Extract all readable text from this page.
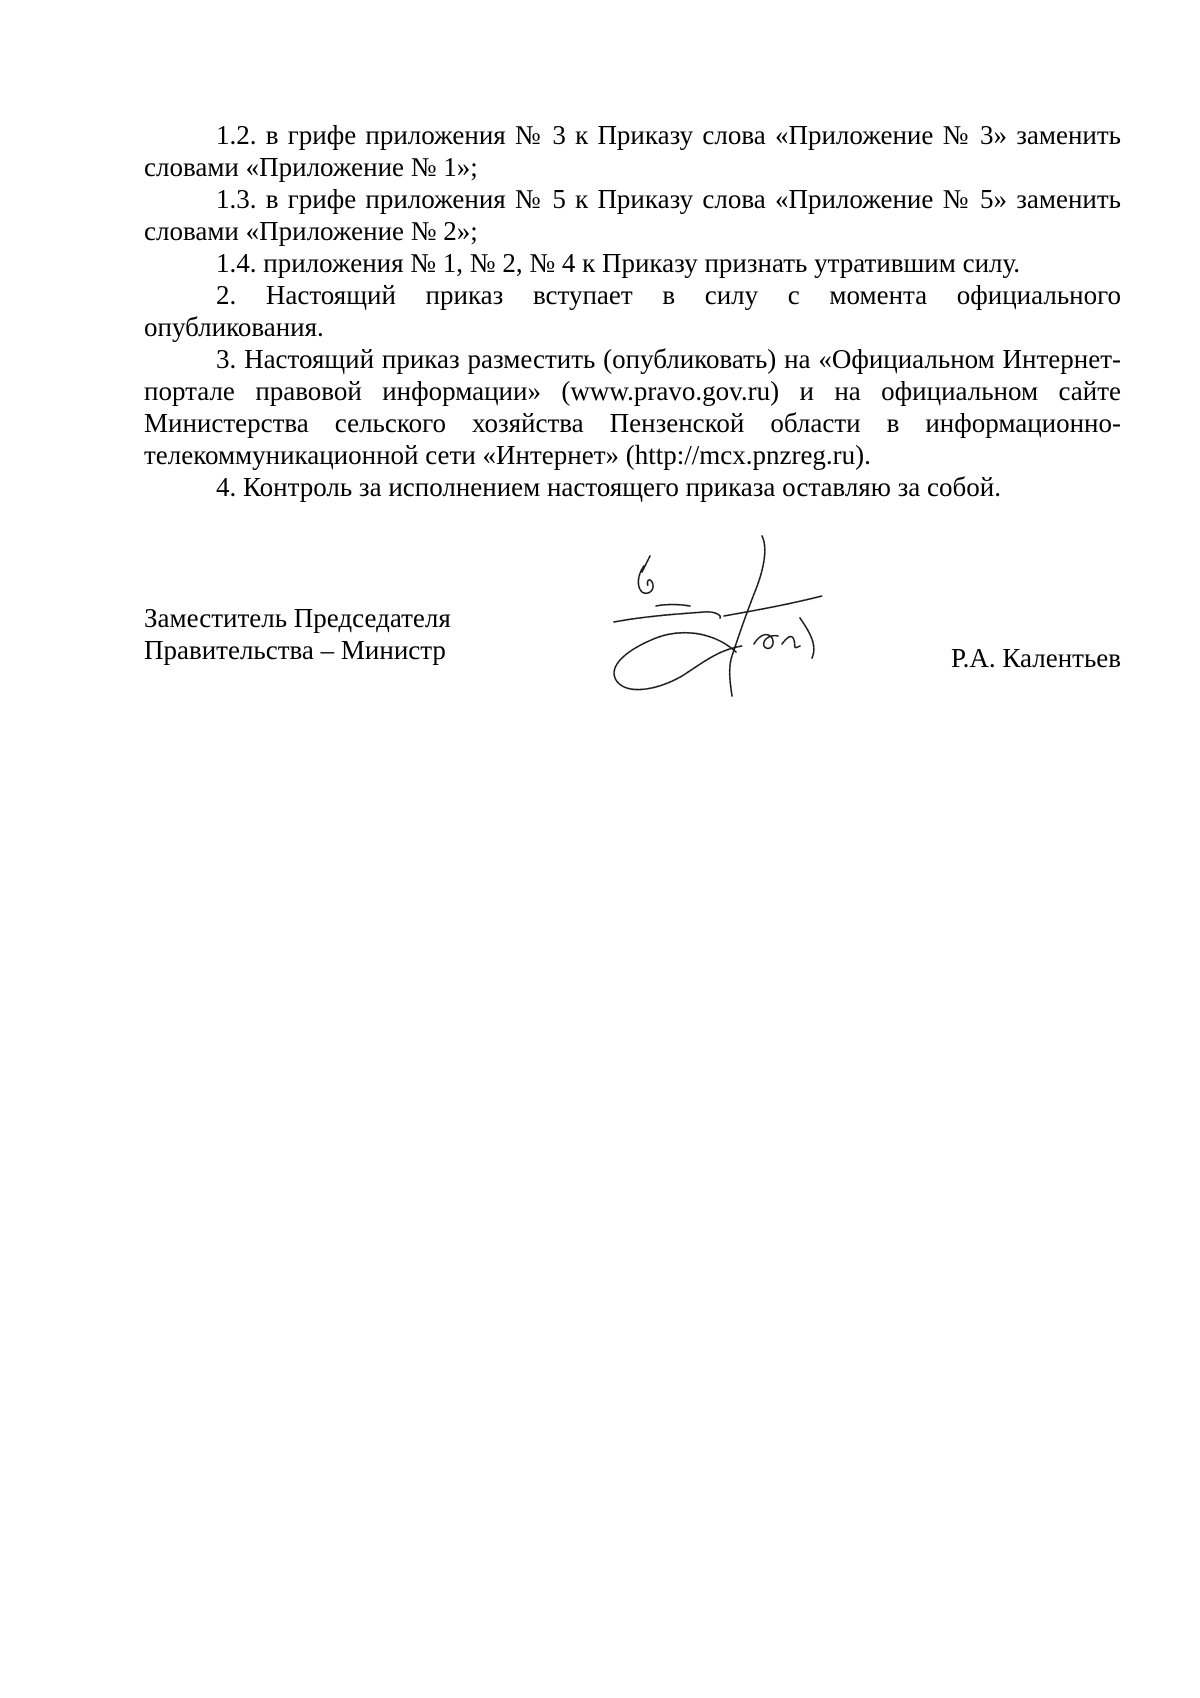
1.2. в грифе приложения № 3 к Приказу слова «Приложение № 3» заменить словами «Приложение № 1»;

1.3. в грифе приложения № 5 к Приказу слова «Приложение № 5» заменить словами «Приложение № 2»;

1.4. приложения № 1, № 2, № 4 к Приказу признать утратившим силу.

2. Настоящий приказ вступает в силу с момента официального опубликования.

3. Настоящий приказ разместить (опубликовать) на «Официальном Интернет-портале правовой информации» (www.pravo.gov.ru) и на официальном сайте Министерства сельского хозяйства Пензенской области в информационно-телекоммуникационной сети «Интернет» (http://mcx.pnzreg.ru).

4. Контроль за исполнением настоящего приказа оставляю за собой.

Заместитель Председателя
Правительства – Министр	Р.А. Калентьев
